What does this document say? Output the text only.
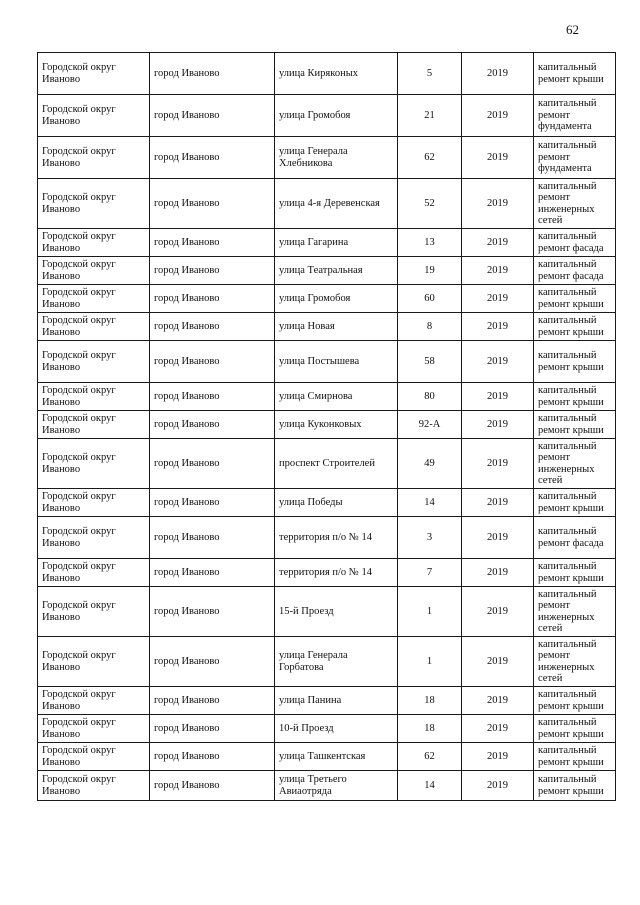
62
Городской округ Иваново	город Иваново	улица Киряконых	5	2019	капитальный ремонт крыши
Городской округ Иваново	город Иваново	улица Громобоя	21	2019	капитальный ремонт фундамента
Городской округ Иваново	город Иваново	улица Генерала Хлебникова	62	2019	капитальный ремонт фундамента
Городской округ Иваново	город Иваново	улица 4-я Деревенская	52	2019	капитальный ремонт инженерных сетей
Городской округ Иваново	город Иваново	улица Гагарина	13	2019	капитальный ремонт фасада
Городской округ Иваново	город Иваново	улица Театральная	19	2019	капитальный ремонт фасада
Городской округ Иваново	город Иваново	улица Громобоя	60	2019	капитальный ремонт крыши
Городской округ Иваново	город Иваново	улица Новая	8	2019	капитальный ремонт крыши
Городской округ Иваново	город Иваново	улица Постышева	58	2019	капитальный ремонт крыши
Городской округ Иваново	город Иваново	улица Смирнова	80	2019	капитальный ремонт крыши
Городской округ Иваново	город Иваново	улица Куконковых	92-А	2019	капитальный ремонт крыши
Городской округ Иваново	город Иваново	проспект Строителей	49	2019	капитальный ремонт инженерных сетей
Городской округ Иваново	город Иваново	улица Победы	14	2019	капитальный ремонт крыши
Городской округ Иваново	город Иваново	территория п/о № 14	3	2019	капитальный ремонт фасада
Городской округ Иваново	город Иваново	территория п/о № 14	7	2019	капитальный ремонт крыши
Городской округ Иваново	город Иваново	15-й Проезд	1	2019	капитальный ремонт инженерных сетей
Городской округ Иваново	город Иваново	улица Генерала Горбатова	1	2019	капитальный ремонт инженерных сетей
Городской округ Иваново	город Иваново	улица Панина	18	2019	капитальный ремонт крыши
Городской округ Иваново	город Иваново	10-й Проезд	18	2019	капитальный ремонт крыши
Городской округ Иваново	город Иваново	улица Ташкентская	62	2019	капитальный ремонт крыши
Городской округ Иваново	город Иваново	улица Третьего Авиаотряда	14	2019	капитальный ремонт крыши
